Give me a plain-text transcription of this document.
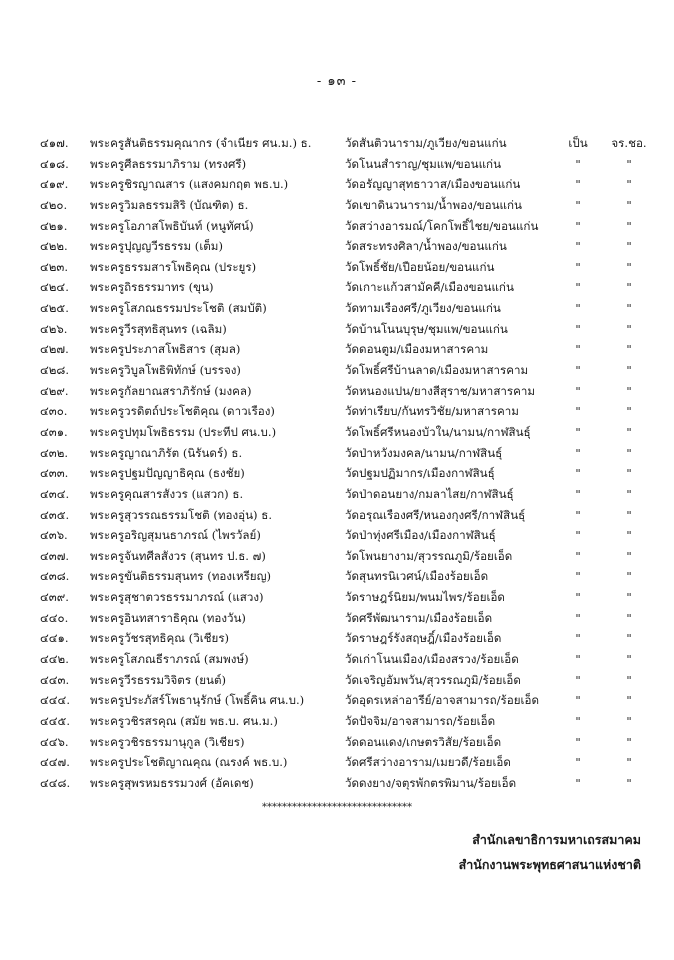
- ๑๓ -
๔๑๗.	พระครูสันติธรรมคุณากร (จำเนียร ศน.ม.) ธ.	วัดสันติวนาราม/ภูเวียง/ขอนแก่น	เป็น	จร.ชอ.
๔๑๘.	พระครูศีลธรรมาภิราม (ทรงศรี)	วัดโนนสำราญ/ชุมแพ/ขอนแก่น	"	"
๔๑๙.	พระครูชิรญาณสาร (แสงคมกฤต พธ.บ.)	วัดอรัญญาสุทธาวาส/เมืองขอนแก่น	"	"
๔๒๐.	พระครูวิมลธรรมสิริ (บัณฑิต) ธ.	วัดเขาดินวนาราม/น้ำพอง/ขอนแก่น	"	"
๔๒๑.	พระครูโอภาสโพธิบันท์ (หนูทัศน์)	วัดสว่างอารมณ์/โคกโพธิ์ไชย/ขอนแก่น	"	"
๔๒๒.	พระครูปุญญวีรธรรม (เต็ม)	วัดสระทรงศิลา/น้ำพอง/ขอนแก่น	"	"
๔๒๓.	พระครูธรรมสารโพธิคุณ (ประยูร)	วัดโพธิ์ชัย/เปือยน้อย/ขอนแก่น	"	"
๔๒๔.	พระครูถิรธรรมาทร (ขุน)	วัดเกาะแก้วสามัคคี/เมืองขอนแก่น	"	"
๔๒๕.	พระครูโสภณธรรมประโชติ (สมบัติ)	วัดทามเรืองศรี/ภูเวียง/ขอนแก่น	"	"
๔๒๖.	พระครูวีรสุทธิสุนทร (เฉลิม)	วัดบ้านโนนบุรุษ/ชุมแพ/ขอนแก่น	"	"
๔๒๗.	พระครูประภาสโพธิสาร (สุมล)	วัดดอนตูม/เมืองมหาสารคาม	"	"
๔๒๘.	พระครูวิบูลโพธิพิทักษ์ (บรรจง)	วัดโพธิ์ศรีบ้านลาด/เมืองมหาสารคาม	"	"
๔๒๙.	พระครูกัลยาณสราภิรักษ์ (มงคล)	วัดหนองแปน/ยางสีสุราช/มหาสารคาม	"	"
๔๓๐.	พระครูวรดิตถ์ประโชติคุณ (ดาวเรือง)	วัดท่าเรียบ/กันทรวิชัย/มหาสารคาม	"	"
๔๓๑.	พระครูปทุมโพธิธรรม (ประทีป ศน.บ.)	วัดโพธิ์ศรีหนองบัวใน/นามน/กาฬสินธุ์	"	"
๔๓๒.	พระครูญาณาภิรัต (นิรันดร์) ธ.	วัดป่าหวังมงคล/นามน/กาฬสินธุ์	"	"
๔๓๓.	พระครูปฐมปัญญาธิคุณ (ธงชัย)	วัดปฐมปฏิมากร/เมืองกาฬสินธุ์	"	"
๔๓๔.	พระครูคุณสารสังวร (แสวก) ธ.	วัดป่าดอนยาง/กมลาไสย/กาฬสินธุ์	"	"
๔๓๕.	พระครูสุวรรณธรรมโชติ (ทองอุ่น) ธ.	วัดอรุณเรืองศรี/หนองกุงศรี/กาฬสินธุ์	"	"
๔๓๖.	พระครูอริญสุมนธาภรณ์ (ไพรวัลย์)	วัดป่าทุ่งศรีเมือง/เมืองกาฬสินธุ์	"	"
๔๓๗.	พระครูจันทศีลสังวร (สุนทร ป.ธ. ๗)	วัดโพนยางาม/สุวรรณภูมิ/ร้อยเอ็ด	"	"
๔๓๘.	พระครูขันติธรรมสุนทร (ทองเหรียญ)	วัดสุนทรนิเวศน์/เมืองร้อยเอ็ด	"	"
๔๓๙.	พระครูสุชาตวรธรรมาภรณ์ (แสวง)	วัดราษฎร์นิยม/พนมไพร/ร้อยเอ็ด	"	"
๔๔๐.	พระครูอินทสาราธิคุณ (ทองวัน)	วัดศรีพัฒนาราม/เมืองร้อยเอ็ด	"	"
๔๔๑.	พระครูวัชรสุทธิคุณ (วิเชียร)	วัดราษฎร์รังสฤษฎิ์/เมืองร้อยเอ็ด	"	"
๔๔๒.	พระครูโสภณธีราภรณ์ (สมพงษ์)	วัดเก่าโนนเมือง/เมืองสรวง/ร้อยเอ็ด	"	"
๔๔๓.	พระครูวีรธรรมวิจิตร (ยนต์)	วัดเจริญอัมพวัน/สุวรรณภูมิ/ร้อยเอ็ด	"	"
๔๔๔.	พระครูประภัสร์โพธานุรักษ์ (โพธิ์คิน ศน.บ.)	วัดอุดรเหล่าอารีย์/อาจสามารถ/ร้อยเอ็ด	"	"
๔๔๕.	พระครูวชิรสรคุณ (สมัย พธ.บ. ศน.ม.)	วัดปัจจิม/อาจสามารถ/ร้อยเอ็ด	"	"
๔๔๖.	พระครูวชิรธรรมานุกูล (วิเชียร)	วัดดอนแดง/เกษตรวิสัย/ร้อยเอ็ด	"	"
๔๔๗.	พระครูประโชติญาณคุณ (ณรงค์ พธ.บ.)	วัดศรีสว่างอาราม/เมยวดี/ร้อยเอ็ด	"	"
๔๔๘.	พระครูสุพรหมธรรมวงศ์ (อัคเดช)	วัดดงยาง/จตุรพักตรพิมาน/ร้อยเอ็ด	"	"
******************************
สำนักเลขาธิการมหาเถรสมาคม
สำนักงานพระพุทธศาสนาแห่งชาติ
